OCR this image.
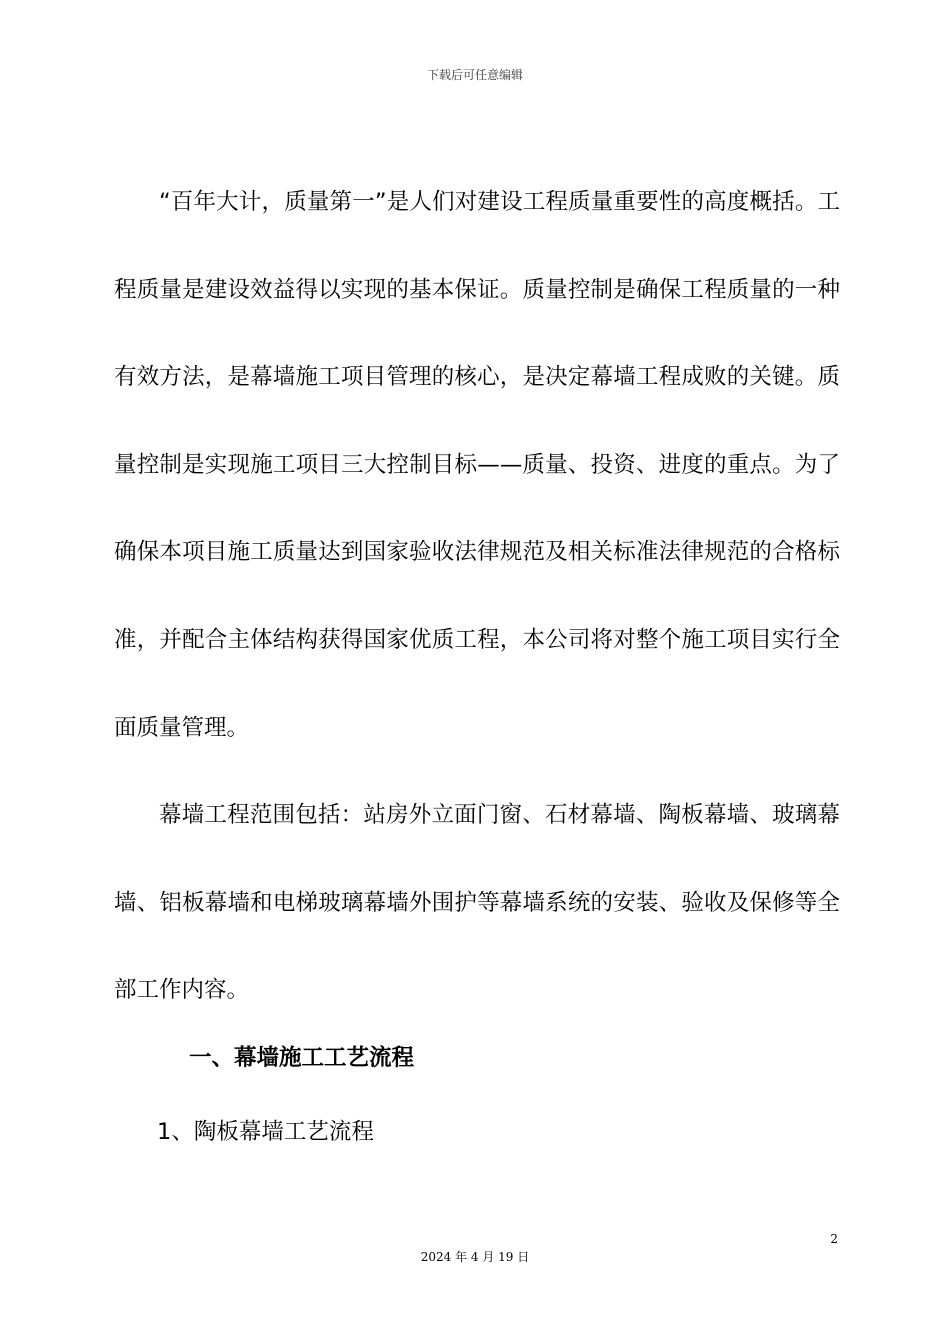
下载后可任意编辑

“百年大计，质量第一”是人们对建设工程质量重要性的高度概括。工程质量是建设效益得以实现的基本保证。质量控制是确保工程质量的一种有效方法，是幕墙施工项目管理的核心，是决定幕墙工程成败的关键。质量控制是实现施工项目三大控制目标——质量、投资、进度的重点。为了确保本项目施工质量达到国家验收法律规范及相关标准法律规范的合格标准，并配合主体结构获得国家优质工程，本公司将对整个施工项目实行全面质量管理。

幕墙工程范围包括：站房外立面门窗、石材幕墙、陶板幕墙、玻璃幕墙、铝板幕墙和电梯玻璃幕墙外围护等幕墙系统的安装、验收及保修等全部工作内容。

一、幕墙施工工艺流程

1、陶板幕墙工艺流程

2
2024 年 4 月 19 日
